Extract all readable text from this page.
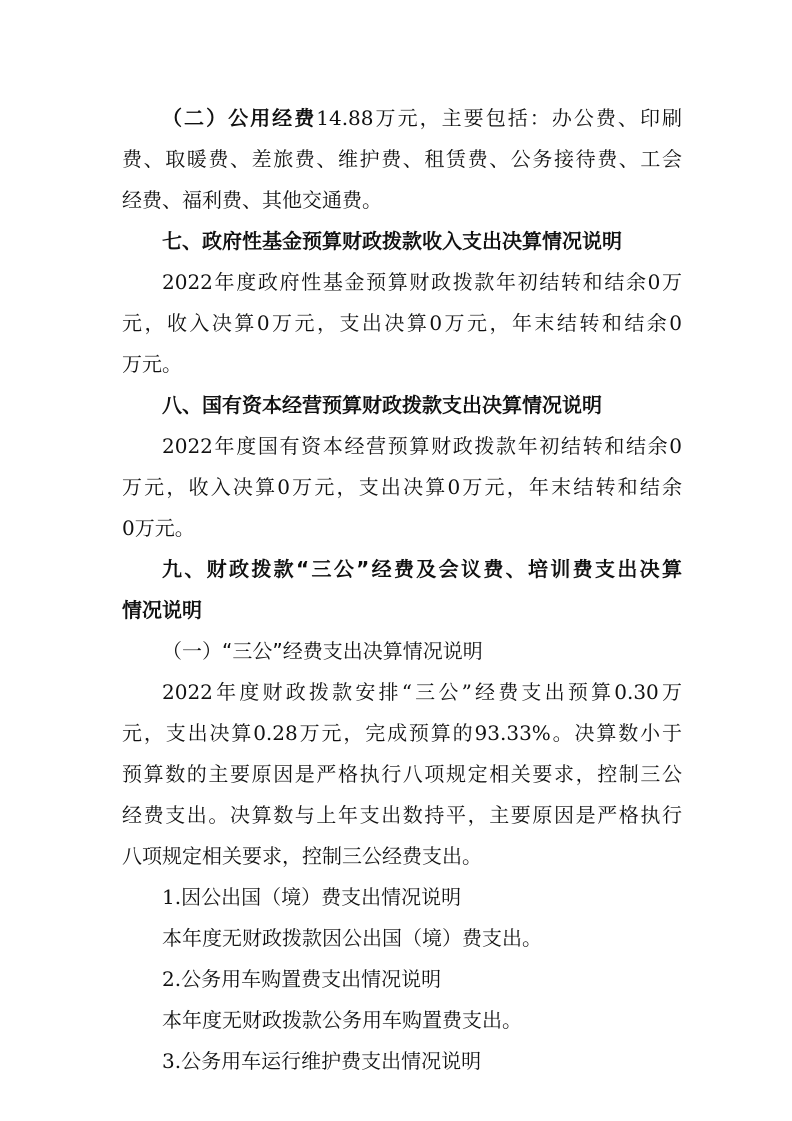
（二）公用经费14.88万元，主要包括：办公费、印刷

费、取暖费、差旅费、维护费、租赁费、公务接待费、工会

经费、福利费、其他交通费。

七、政府性基金预算财政拨款收入支出决算情况说明

2022年度政府性基金预算财政拨款年初结转和结余0万

元，收入决算0万元，支出决算0万元，年末结转和结余0

万元。

八、国有资本经营预算财政拨款支出决算情况说明

2022年度国有资本经营预算财政拨款年初结转和结余0

万元，收入决算0万元，支出决算0万元，年末结转和结余

0万元。

九、财政拨款“三公”经费及会议费、培训费支出决算

情况说明

（一）“三公”经费支出决算情况说明

2022年度财政拨款安排“三公”经费支出预算0.30万

元，支出决算0.28万元，完成预算的93.33%。决算数小于

预算数的主要原因是严格执行八项规定相关要求，控制三公

经费支出。决算数与上年支出数持平，主要原因是严格执行

八项规定相关要求，控制三公经费支出。

1.因公出国（境）费支出情况说明

本年度无财政拨款因公出国（境）费支出。

2.公务用车购置费支出情况说明

本年度无财政拨款公务用车购置费支出。

3.公务用车运行维护费支出情况说明
